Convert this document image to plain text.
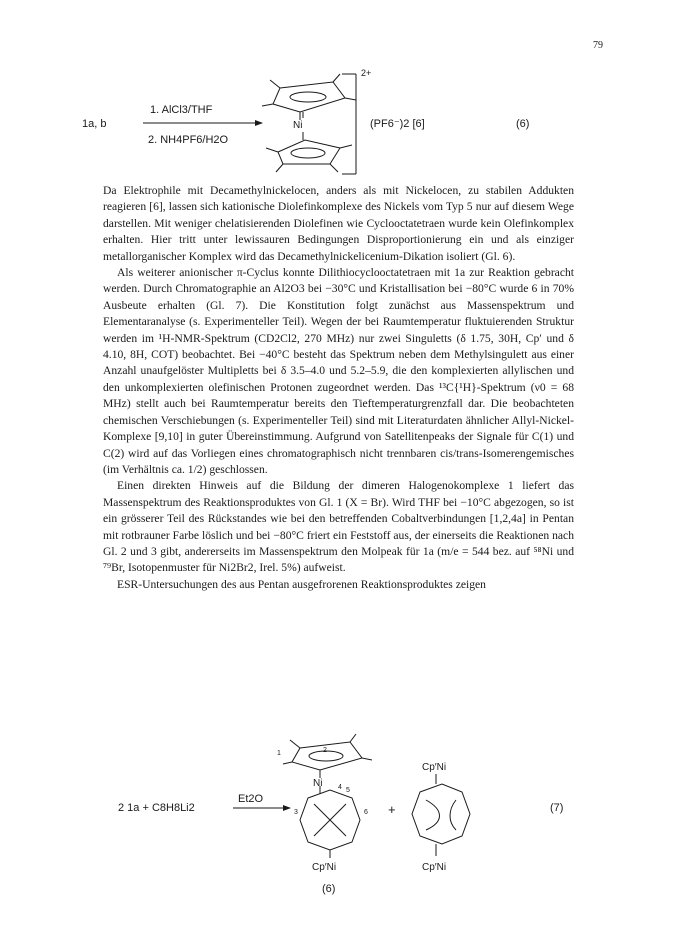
79
1a, b
1. AlCl3/THF
2. NH4PF6/H2O
Ni
2+
(PF6⁻)2 [6]	(6)

Da Elektrophile mit Decamethylnickelocen, anders als mit Nickelocen, zu stabilen Addukten reagieren [6], lassen sich kationische Diolefinkomplexe des Nickels vom Typ 5 nur auf diesem Wege darstellen. Mit weniger chelatisierenden Diolefinen wie Cyclooctatetraen wurde kein Olefinkomplex erhalten. Hier tritt unter lewissauren Bedingungen Disproportionierung ein und als einziger metallorganischer Komplex wird das Decamethylnickelicenium-Dikation isoliert (Gl. 6).

Als weiterer anionischer π-Cyclus konnte Dilithiocyclooctatetraen mit 1a zur Reaktion gebracht werden. Durch Chromatographie an Al2O3 bei −30°C und Kristallisation bei −80°C wurde 6 in 70% Ausbeute erhalten (Gl. 7). Die Konstitution folgt zunächst aus Massenspektrum und Elementaranalyse (s. Experimenteller Teil). Wegen der bei Raumtemperatur fluktuierenden Struktur werden im ¹H-NMR-Spektrum (CD2Cl2, 270 MHz) nur zwei Singuletts (δ 1.75, 30H, Cp′ und δ 4.10, 8H, COT) beobachtet. Bei −40°C besteht das Spektrum neben dem Methylsingulett aus einer Anzahl unaufgelöster Multipletts bei δ 3.5–4.0 und 5.2–5.9, die den komplexierten allylischen und den unkomplexierten olefinischen Protonen zugeordnet werden. Das ¹³C{¹H}-Spektrum (ν0 = 68 MHz) stellt auch bei Raumtemperatur bereits den Tieftemperaturgrenzfall dar. Die beobachteten chemischen Verschiebungen (s. Experimenteller Teil) sind mit Literaturdaten ähnlicher Allyl-Nickel-Komplexe [9,10] in guter Übereinstimmung. Aufgrund von Satellitenpeaks der Signale für C(1) und C(2) wird auf das Vorliegen eines chromatographisch nicht trennbaren cis/trans-Isomerengemisches (im Verhältnis ca. 1/2) geschlossen.

Einen direkten Hinweis auf die Bildung der dimeren Halogenokomplexe 1 liefert das Massenspektrum des Reaktionsproduktes von Gl. 1 (X = Br). Wird THF bei −10°C abgezogen, so ist ein grösserer Teil des Rückstandes wie bei den betreffenden Cobaltverbindungen [1,2,4a] in Pentan mit rotbrauner Farbe löslich und bei −80°C friert ein Feststoff aus, der einerseits die Reaktionen nach Gl. 2 und 3 gibt, andererseits im Massenspektrum den Molpeak für 1a (m/e = 544 bez. auf ⁵⁸Ni und ⁷⁹Br, Isotopenmuster für Ni2Br2, Irel. 5%) aufweist.

ESR-Untersuchungen des aus Pentan ausgefrorenen Reaktionsproduktes zeigen

2 1a + C8H8Li2
Et2O
1	2
Ni
3
4 5
6
Cp′Ni
+
Cp′Ni
Cp′Ni
(7)
(6)
